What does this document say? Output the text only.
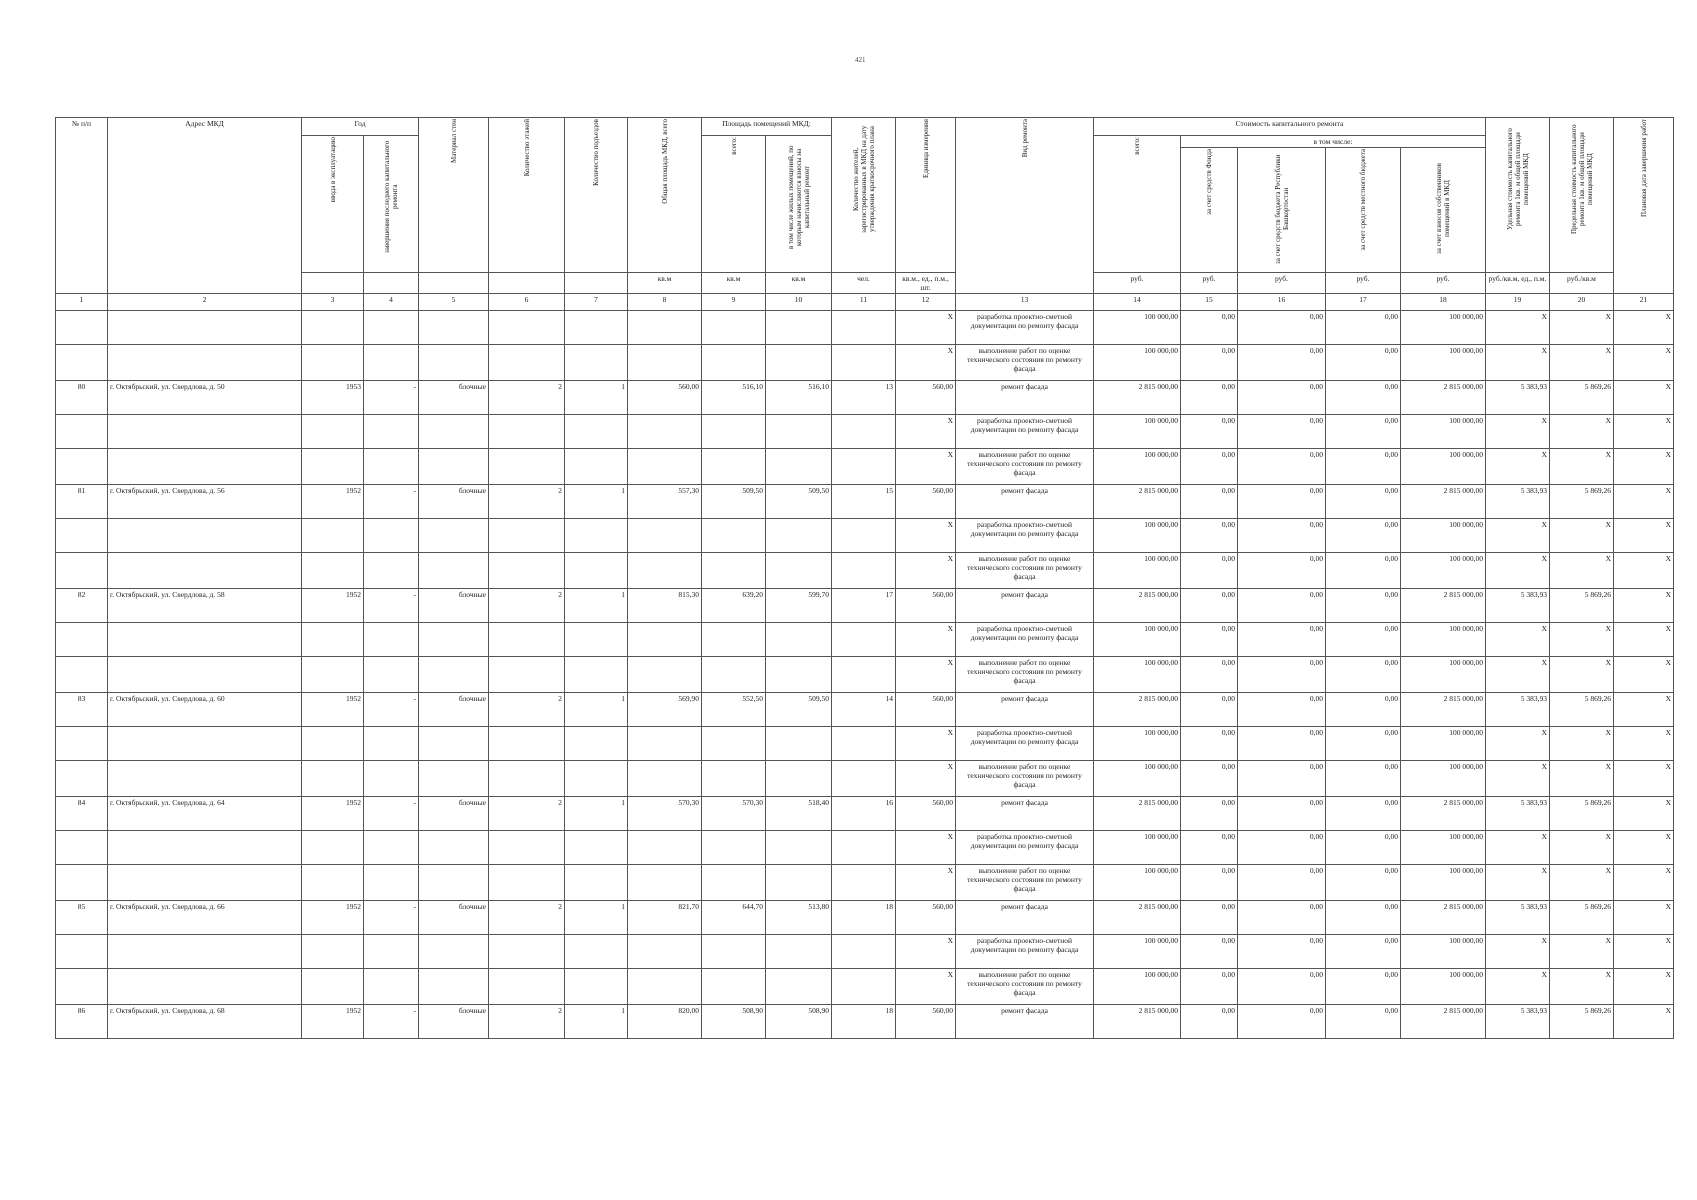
421
№ п/п	Адрес МКД	Год		Материал стен	Количество этажей	Количество подъездов	Общая площадь МКД, всего	Площадь помещений МКД:		Количество жителей, зарегистрированных в МКД на дату утверждения краткосрочного плана	Единица измерения	Вид ремонта	Стоимость капитального ремонта					Удельная стоимость капитального ремонта 1кв. м общей площади помещений МКД	Предельная стоимость капитального ремонта 1кв. м общей площади помещений МКД	Плановая дата завершения работ
		ввода в эксплуатацию	завершения последнего капитального ремонта					всего:	в том числе жилых помещений, по которым начисляются взносы на капитальный ремонт				всего:	в том числе:						
														за счет средств Фонда	за счет средств бюджета Республики Башкортостан	за счет средств местного бюджета	за счет взносов собственников помещений в МКД			
							кв.м	кв.м	кв.м	чел.	кв.м., ед., п.м., шт.		руб.	руб.	руб.	руб.	руб.	руб./кв.м, ед., п.м.	руб./кв.м	
1	2	3	4	5	6	7	8	9	10	11	12	13	14	15	16	17	18	19	20	21
											X	разработка проектно-сметной документации по ремонту фасада	100 000,00	0,00	0,00	0,00	100 000,00	X	X	X
											X	выполнение работ по оценке технического состояния по ремонту фасада	100 000,00	0,00	0,00	0,00	100 000,00	X	X	X
80	г. Октябрьский, ул. Свердлова, д. 50	1953	-	блочные	2	1	560,00	516,10	516,10	13	560,00	ремонт фасада	2 815 000,00	0,00	0,00	0,00	2 815 000,00	5 383,93	5 869,26	X
											X	разработка проектно-сметной документации по ремонту фасада	100 000,00	0,00	0,00	0,00	100 000,00	X	X	X
											X	выполнение работ по оценке технического состояния по ремонту фасада	100 000,00	0,00	0,00	0,00	100 000,00	X	X	X
81	г. Октябрьский, ул. Свердлова, д. 56	1952	-	блочные	2	1	557,30	509,50	509,50	15	560,00	ремонт фасада	2 815 000,00	0,00	0,00	0,00	2 815 000,00	5 383,93	5 869,26	X
											X	разработка проектно-сметной документации по ремонту фасада	100 000,00	0,00	0,00	0,00	100 000,00	X	X	X
											X	выполнение работ по оценке технического состояния по ремонту фасада	100 000,00	0,00	0,00	0,00	100 000,00	X	X	X
82	г. Октябрьский, ул. Свердлова, д. 58	1952	-	блочные	2	1	815,30	639,20	599,70	17	560,00	ремонт фасада	2 815 000,00	0,00	0,00	0,00	2 815 000,00	5 383,93	5 869,26	X
											X	разработка проектно-сметной документации по ремонту фасада	100 000,00	0,00	0,00	0,00	100 000,00	X	X	X
											X	выполнение работ по оценке технического состояния по ремонту фасада	100 000,00	0,00	0,00	0,00	100 000,00	X	X	X
83	г. Октябрьский, ул. Свердлова, д. 60	1952	-	блочные	2	1	569,90	552,50	509,50	14	560,00	ремонт фасада	2 815 000,00	0,00	0,00	0,00	2 815 000,00	5 383,93	5 869,26	X
											X	разработка проектно-сметной документации по ремонту фасада	100 000,00	0,00	0,00	0,00	100 000,00	X	X	X
											X	выполнение работ по оценке технического состояния по ремонту фасада	100 000,00	0,00	0,00	0,00	100 000,00	X	X	X
84	г. Октябрьский, ул. Свердлова, д. 64	1952	-	блочные	2	1	570,30	570,30	518,40	16	560,00	ремонт фасада	2 815 000,00	0,00	0,00	0,00	2 815 000,00	5 383,93	5 869,26	X
											X	разработка проектно-сметной документации по ремонту фасада	100 000,00	0,00	0,00	0,00	100 000,00	X	X	X
											X	выполнение работ по оценке технического состояния по ремонту фасада	100 000,00	0,00	0,00	0,00	100 000,00	X	X	X
85	г. Октябрьский, ул. Свердлова, д. 66	1952	-	блочные	2	1	821,70	644,70	513,80	18	560,00	ремонт фасада	2 815 000,00	0,00	0,00	0,00	2 815 000,00	5 383,93	5 869,26	X
											X	разработка проектно-сметной документации по ремонту фасада	100 000,00	0,00	0,00	0,00	100 000,00	X	X	X
											X	выполнение работ по оценке технического состояния по ремонту фасада	100 000,00	0,00	0,00	0,00	100 000,00	X	X	X
86	г. Октябрьский, ул. Свердлова, д. 68	1952	-	блочные	2	1	820,00	508,90	508,90	18	560,00	ремонт фасада	2 815 000,00	0,00	0,00	0,00	2 815 000,00	5 383,93	5 869,26	X
